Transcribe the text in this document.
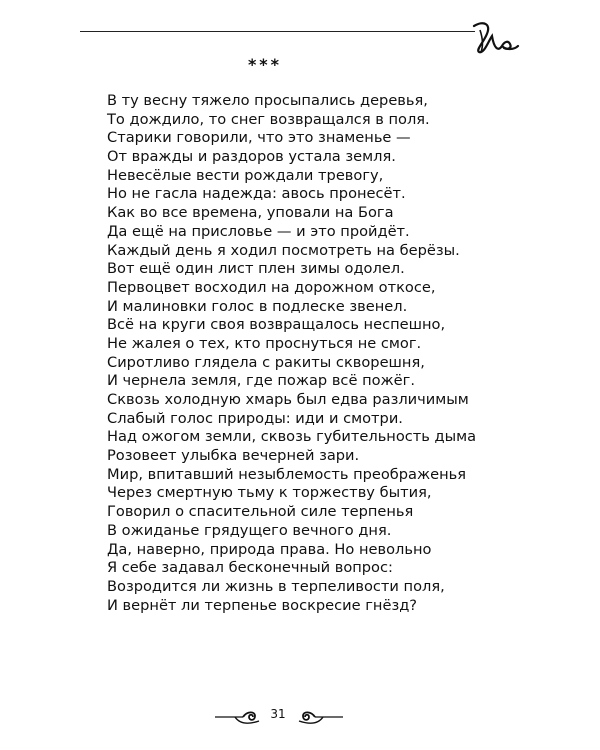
***
В ту весну тяжело просыпались деревья,
То дождило, то снег возвращался в поля.
Старики говорили, что это знаменье —
От вражды и раздоров устала земля.
Невесёлые вести рождали тревогу,
Но не гасла надежда: авось пронесёт.
Как во все времена, уповали на Бога
Да ещё на присловье — и это пройдёт.
Каждый день я ходил посмотреть на берёзы.
Вот ещё один лист плен зимы одолел.
Первоцвет восходил на дорожном откосе,
И малиновки голос в подлеске звенел.
Всё на круги своя возвращалось неспешно,
Не жалея о тех, кто проснуться не смог.
Сиротливо глядела с ракиты скворешня,
И чернела земля, где пожар всё пожёг.
Сквозь холодную хмарь был едва различимым
Слабый голос природы: иди и смотри.
Над ожогом земли, сквозь губительность дыма
Розовеет улыбка вечерней зари.
Мир, впитавший незыблемость преображенья
Через смертную тьму к торжеству бытия,
Говорил о спасительной силе терпенья
В ожиданье грядущего вечного дня.
Да, наверно, природа права. Но невольно
Я себе задавал бесконечный вопрос:
Возродится ли жизнь в терпеливости поля,
И вернёт ли терпенье воскресие гнёзд?
31
